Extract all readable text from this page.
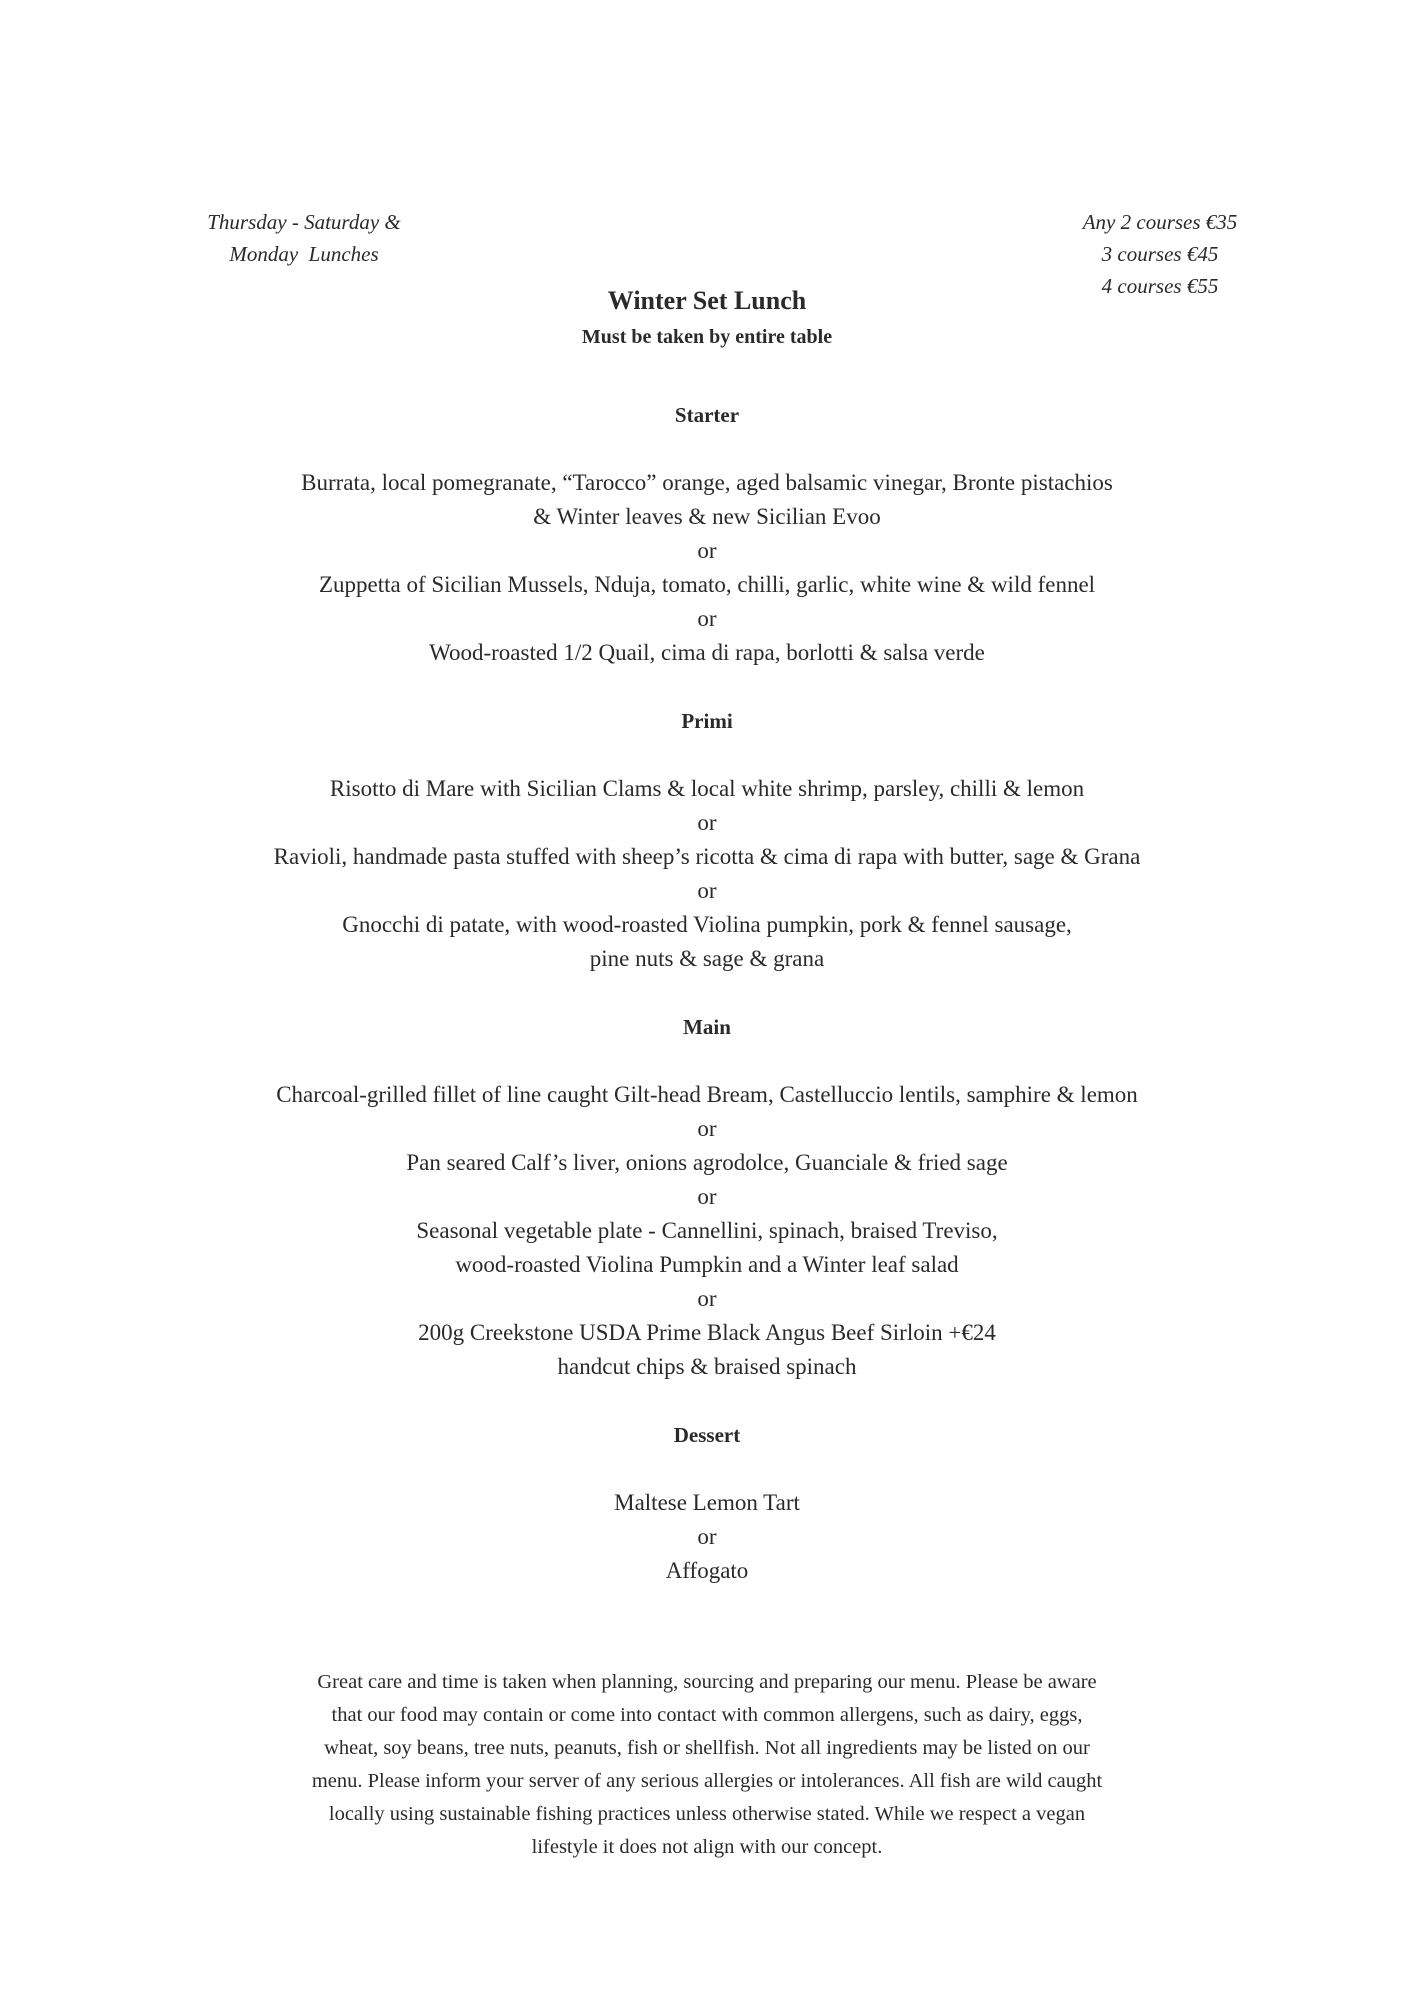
Thursday - Saturday &
Monday  Lunches
Any 2 courses €35
3 courses €45
4 courses €55
Winter Set Lunch
Must be taken by entire table
Starter
Burrata, local pomegranate, “Tarocco” orange, aged balsamic vinegar, Bronte pistachios
& Winter leaves & new Sicilian Evoo
or
Zuppetta of Sicilian Mussels, Nduja, tomato, chilli, garlic, white wine & wild fennel
or
Wood-roasted 1/2 Quail, cima di rapa, borlotti & salsa verde
Primi
Risotto di Mare with Sicilian Clams & local white shrimp, parsley, chilli & lemon
or
Ravioli, handmade pasta stuffed with sheep’s ricotta & cima di rapa with butter, sage & Grana
or
Gnocchi di patate, with wood-roasted Violina pumpkin, pork & fennel sausage,
pine nuts & sage & grana
Main
Charcoal-grilled fillet of line caught Gilt-head Bream, Castelluccio lentils, samphire & lemon
or
Pan seared Calf’s liver, onions agrodolce, Guanciale & fried sage
or
Seasonal vegetable plate - Cannellini, spinach, braised Treviso,
wood-roasted Violina Pumpkin and a Winter leaf salad
or
200g Creekstone USDA Prime Black Angus Beef Sirloin +€24
handcut chips & braised spinach
Dessert
Maltese Lemon Tart
or
Affogato
Great care and time is taken when planning, sourcing and preparing our menu. Please be aware
that our food may contain or come into contact with common allergens, such as dairy, eggs,
wheat, soy beans, tree nuts, peanuts, fish or shellfish. Not all ingredients may be listed on our
menu. Please inform your server of any serious allergies or intolerances. All fish are wild caught
locally using sustainable fishing practices unless otherwise stated. While we respect a vegan
lifestyle it does not align with our concept.
